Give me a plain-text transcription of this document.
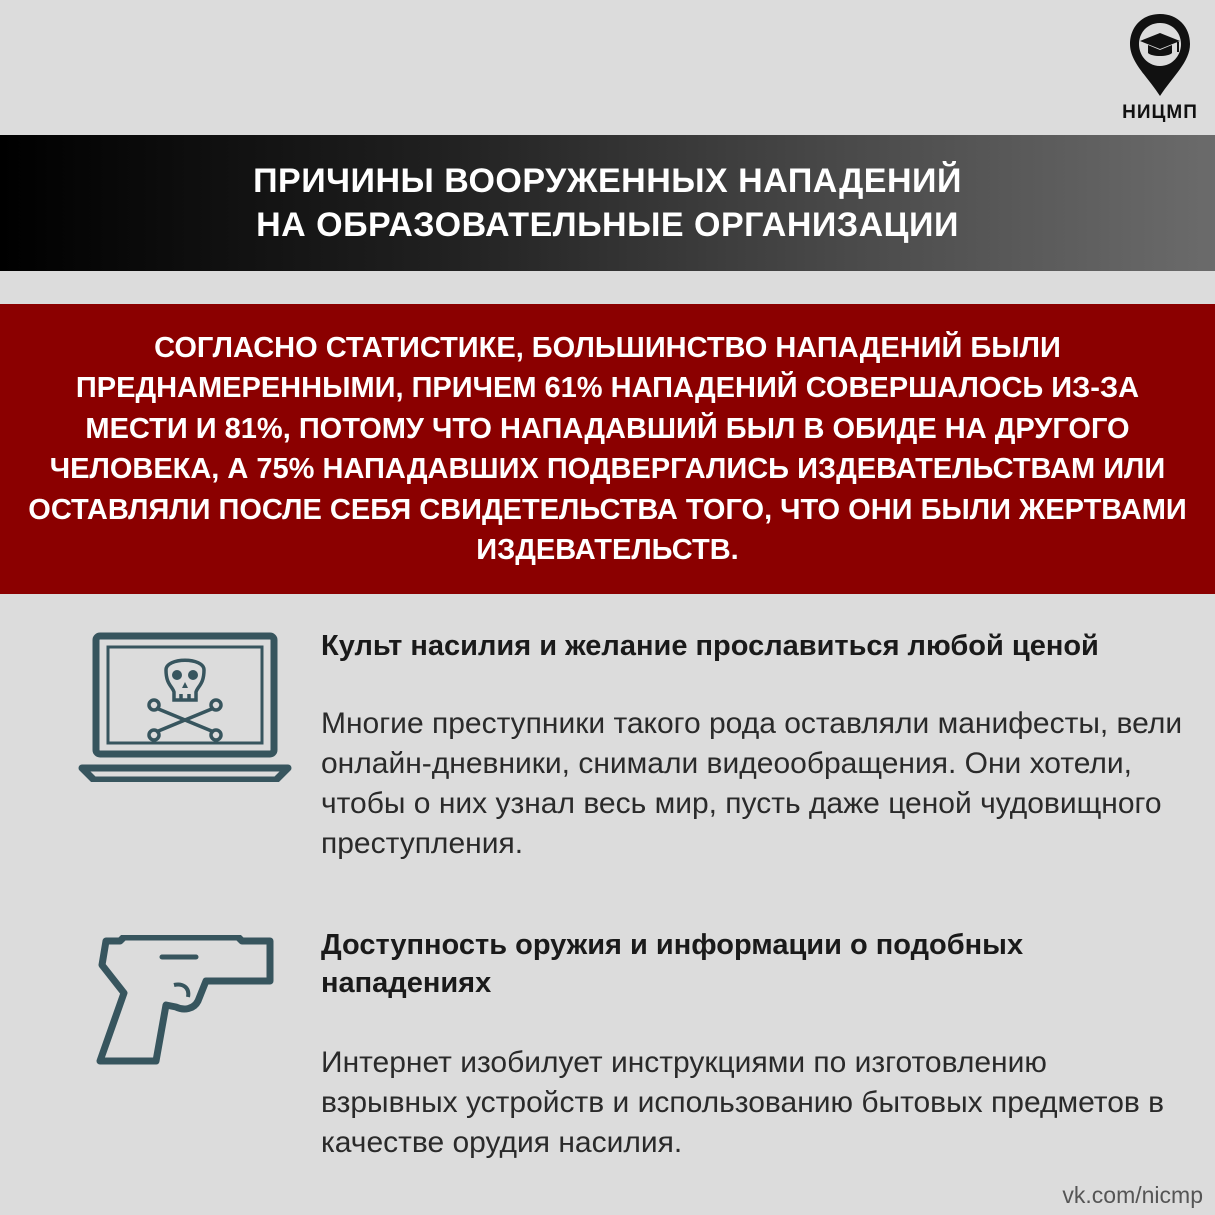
НИЦМП
ПРИЧИНЫ ВООРУЖЕННЫХ НАПАДЕНИЙ
НА ОБРАЗОВАТЕЛЬНЫЕ ОРГАНИЗАЦИИ
СОГЛАСНО СТАТИСТИКЕ, БОЛЬШИНСТВО НАПАДЕНИЙ БЫЛИ ПРЕДНАМЕРЕННЫМИ, ПРИЧЕМ 61% НАПАДЕНИЙ СОВЕРШАЛОСЬ ИЗ-ЗА МЕСТИ И 81%, ПОТОМУ ЧТО НАПАДАВШИЙ БЫЛ В ОБИДЕ НА ДРУГОГО ЧЕЛОВЕКА, А 75% НАПАДАВШИХ ПОДВЕРГАЛИСЬ ИЗДЕВАТЕЛЬСТВАМ ИЛИ ОСТАВЛЯЛИ ПОСЛЕ СЕБЯ СВИДЕТЕЛЬСТВА ТОГО, ЧТО ОНИ БЫЛИ ЖЕРТВАМИ ИЗДЕВАТЕЛЬСТВ.
Культ насилия и желание прославиться любой ценой
Многие преступники такого рода оставляли манифесты, вели онлайн-дневники, снимали видеообращения. Они хотели, чтобы о них узнал весь мир, пусть даже ценой чудовищного преступления.
Доступность оружия и информации о подобных нападениях
Интернет изобилует инструкциями по изготовлению взрывных устройств и использованию бытовых предметов в качестве орудия насилия.
vk.com/nicmp
